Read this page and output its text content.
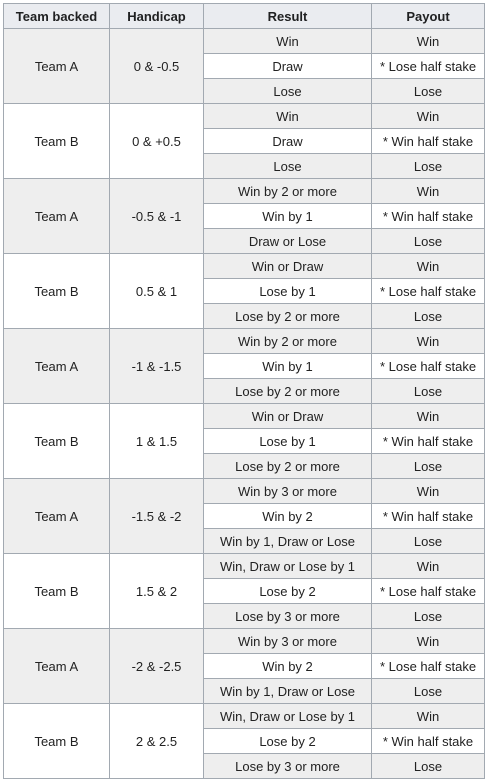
Team backed	Handicap	Result	Payout
Team A	0 & -0.5	Win	Win
		Draw	* Lose half stake
		Lose	Lose
Team B	0 & +0.5	Win	Win
		Draw	* Win half stake
		Lose	Lose
Team A	-0.5 & -1	Win by 2 or more	Win
		Win by 1	* Win half stake
		Draw or Lose	Lose
Team B	0.5 & 1	Win or Draw	Win
		Lose by 1	* Lose half stake
		Lose by 2 or more	Lose
Team A	-1 & -1.5	Win by 2 or more	Win
		Win by 1	* Lose half stake
		Lose by 2 or more	Lose
Team B	1 & 1.5	Win or Draw	Win
		Lose by 1	* Win half stake
		Lose by 2 or more	Lose
Team A	-1.5 & -2	Win by 3 or more	Win
		Win by 2	* Win half stake
		Win by 1, Draw or Lose	Lose
Team B	1.5 & 2	Win, Draw or Lose by 1	Win
		Lose by 2	* Lose half stake
		Lose by 3 or more	Lose
Team A	-2 & -2.5	Win by 3 or more	Win
		Win by 2	* Lose half stake
		Win by 1, Draw or Lose	Lose
Team B	2 & 2.5	Win, Draw or Lose by 1	Win
		Lose by 2	* Win half stake
		Lose by 3 or more	Lose
